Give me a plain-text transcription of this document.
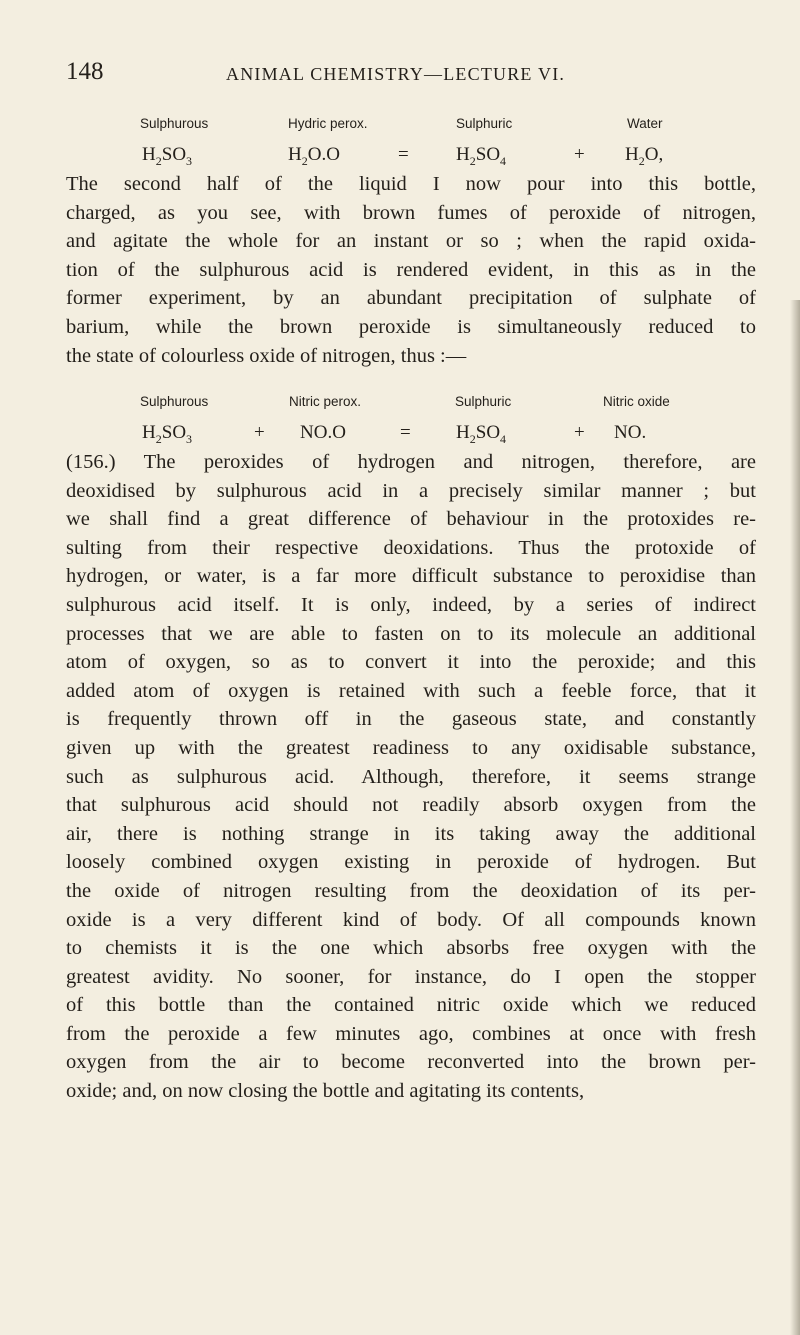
148	ANIMAL CHEMISTRY—LECTURE VI.
Sulphurous	Hydric perox.	Sulphuric	Water
$H_2SO_3$	$H_2O.O$	= $H_2SO_4$	+ $H_2O$,

The second half of the liquid I now pour into this bottle,
charged, as you see, with brown fumes of peroxide of nitrogen,
and agitate the whole for an instant or so ; when the rapid oxida-
tion of the sulphurous acid is rendered evident, in this as in the
former experiment, by an abundant precipitation of sulphate of
barium, while the brown peroxide is simultaneously reduced to
the state of colourless oxide of nitrogen, thus :—

Sulphurous	Nitric perox.	Sulphuric	Nitric oxide
$H_2SO_3$	+ NO.O	= $H_2SO_4$	+ NO.

(156.) The peroxides of hydrogen and nitrogen, therefore, are
deoxidised by sulphurous acid in a precisely similar manner ; but
we shall find a great difference of behaviour in the protoxides re-
sulting from their respective deoxidations. Thus the protoxide of
hydrogen, or water, is a far more difficult substance to peroxidise than
sulphurous acid itself. It is only, indeed, by a series of indirect
processes that we are able to fasten on to its molecule an additional
atom of oxygen, so as to convert it into the peroxide; and this
added atom of oxygen is retained with such a feeble force, that it
is frequently thrown off in the gaseous state, and constantly
given up with the greatest readiness to any oxidisable substance,
such as sulphurous acid. Although, therefore, it seems strange
that sulphurous acid should not readily absorb oxygen from the
air, there is nothing strange in its taking away the additional
loosely combined oxygen existing in peroxide of hydrogen. But
the oxide of nitrogen resulting from the deoxidation of its per-
oxide is a very different kind of body. Of all compounds known
to chemists it is the one which absorbs free oxygen with the
greatest avidity. No sooner, for instance, do I open the stopper
of this bottle than the contained nitric oxide which we reduced
from the peroxide a few minutes ago, combines at once with fresh
oxygen from the air to become reconverted into the brown per-
oxide; and, on now closing the bottle and agitating its contents,
